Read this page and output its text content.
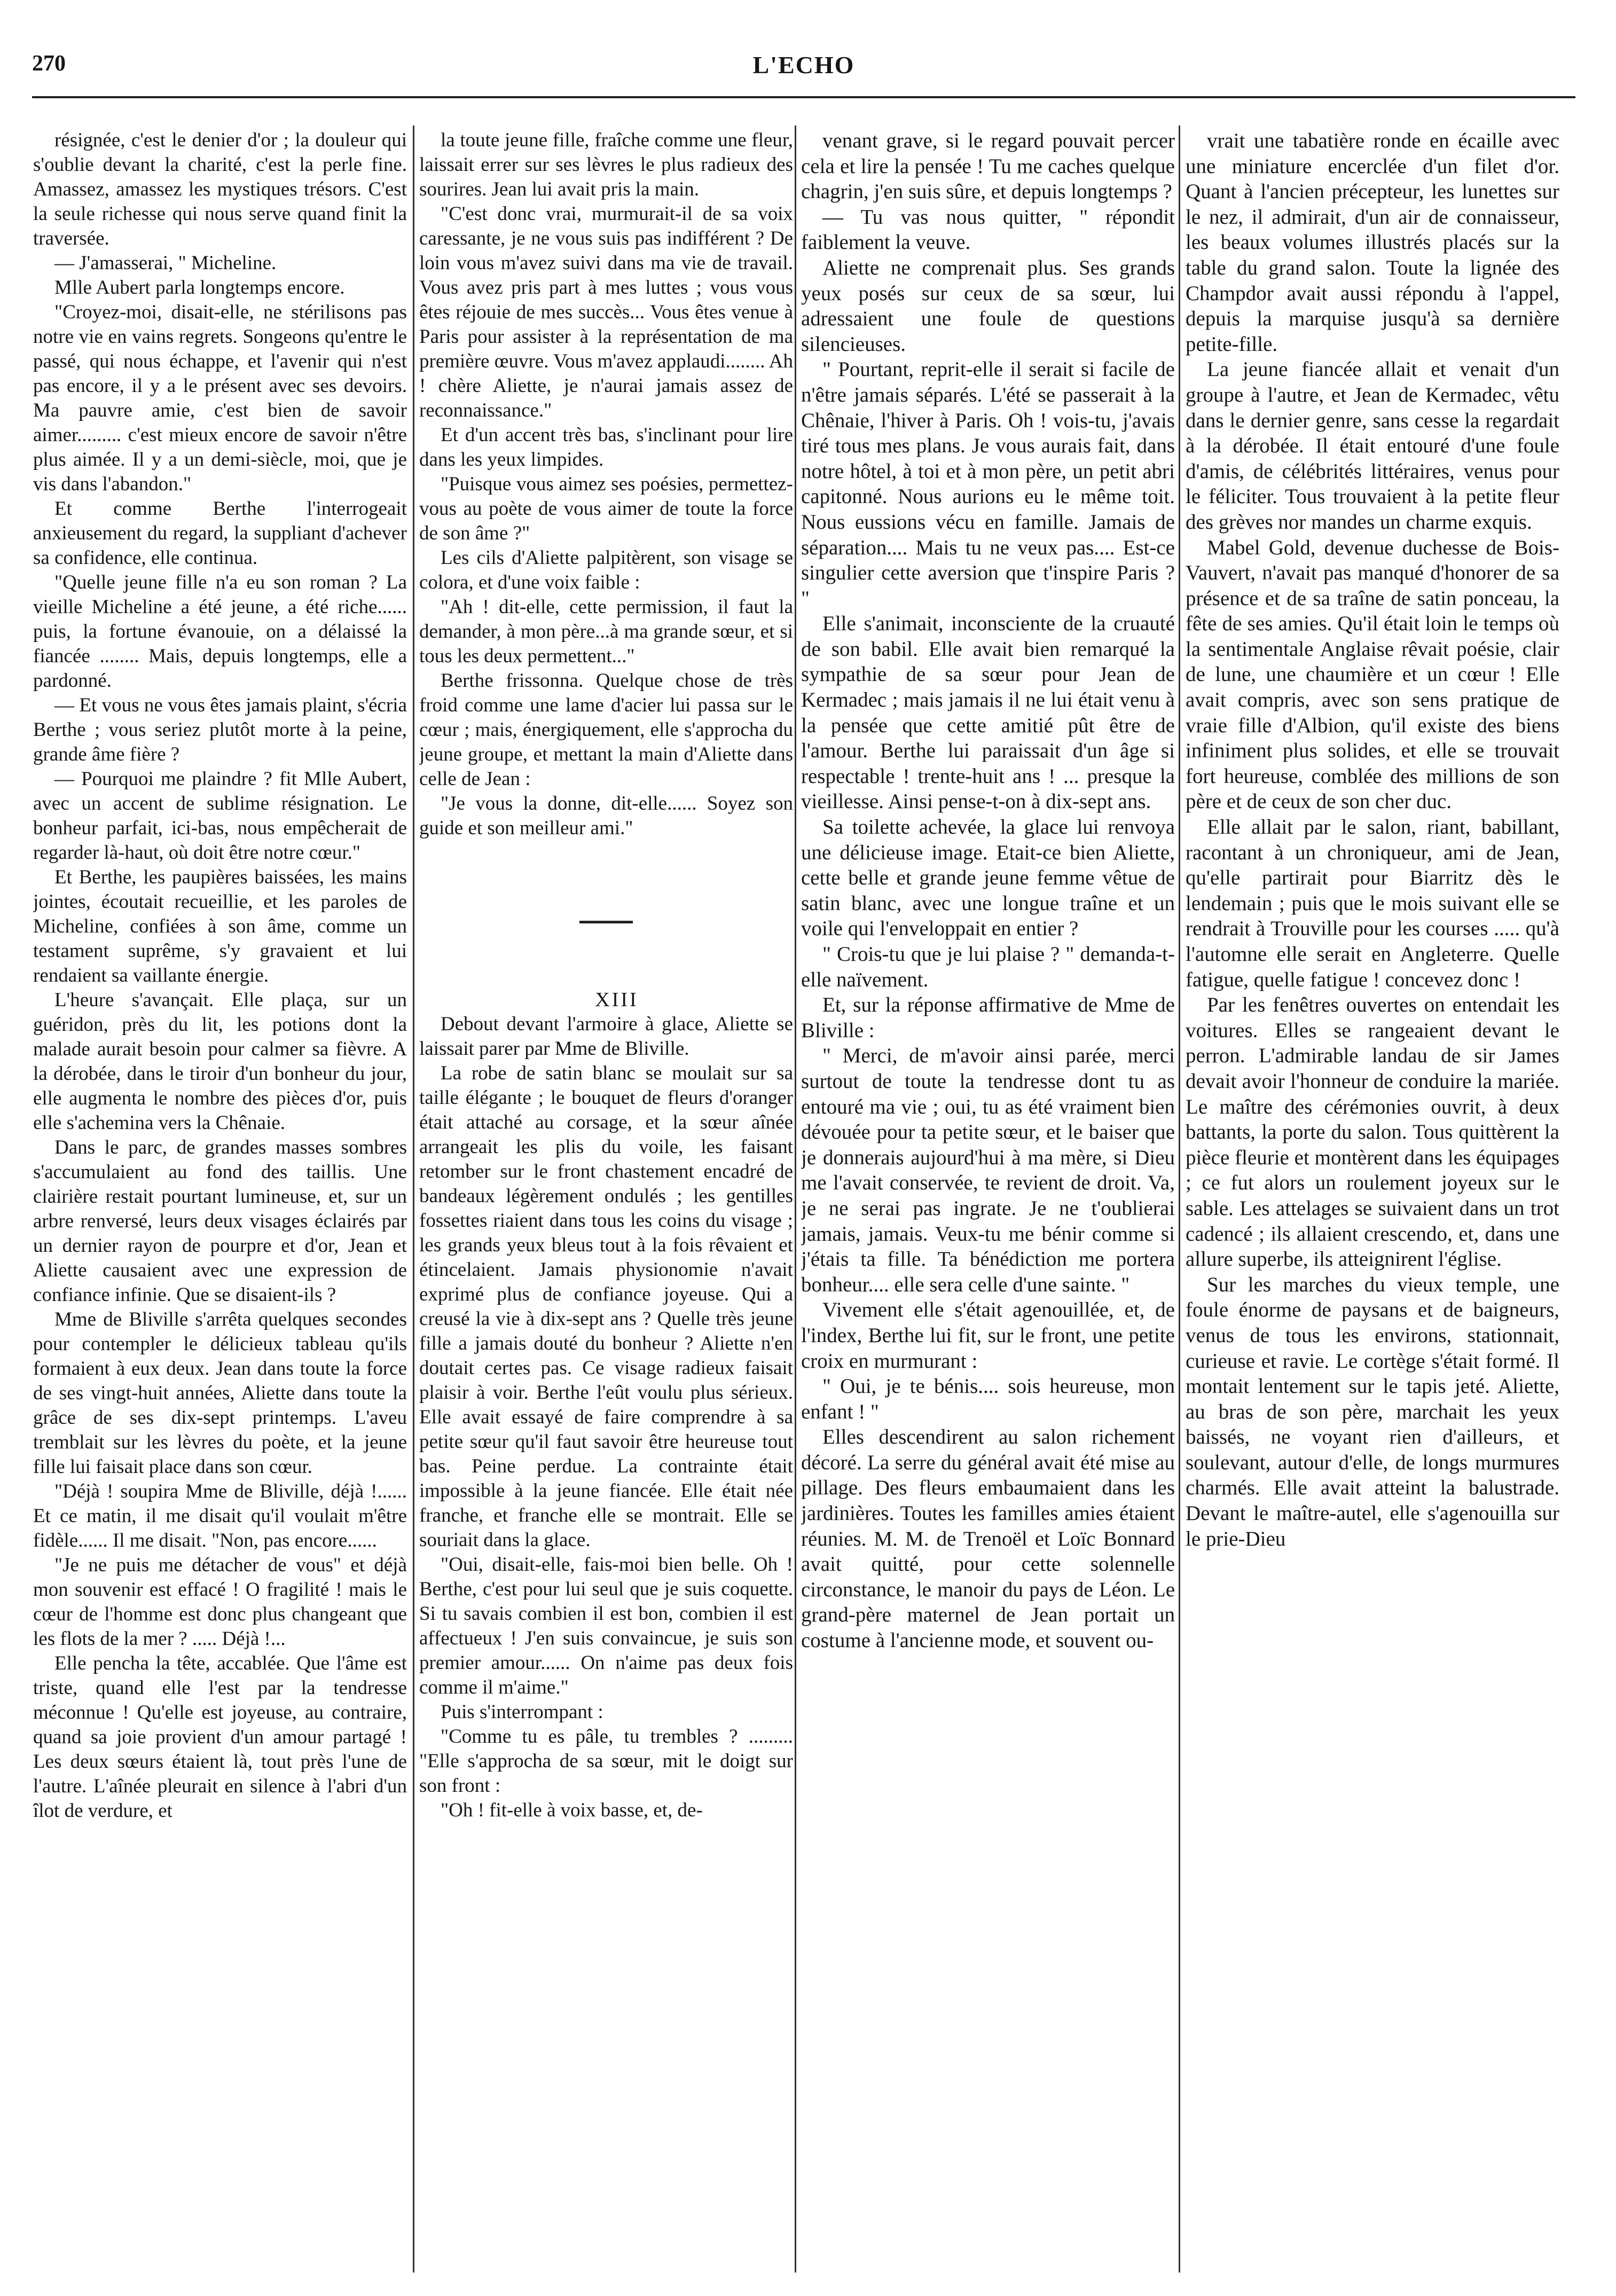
270	L'ECHO

résignée, c'est le denier d'or ; la douleur qui s'oublie devant la charité, c'est la perle fine. Amassez, amassez les mystiques trésors. C'est la seule richesse qui nous serve quand finit la traversée.

— J'amasserai, " Micheline.

Mlle Aubert parla longtemps encore.

"Croyez-moi, disait-elle, ne stérilisons pas notre vie en vains regrets. Songeons qu'entre le passé, qui nous échappe, et l'avenir qui n'est pas encore, il y a le présent avec ses devoirs. Ma pauvre amie, c'est bien de savoir aimer......... c'est mieux encore de savoir n'être plus aimée. Il y a un demi-siècle, moi, que je vis dans l'abandon."

Et comme Berthe l'interrogeait anxieusement du regard, la suppliant d'achever sa confidence, elle continua.

"Quelle jeune fille n'a eu son roman ? La vieille Micheline a été jeune, a été riche...... puis, la fortune évanouie, on a délaissé la fiancée ........ Mais, depuis longtemps, elle a pardonné.

— Et vous ne vous êtes jamais plaint, s'écria Berthe ; vous seriez plutôt morte à la peine, grande âme fière ?

— Pourquoi me plaindre ? fit Mlle Aubert, avec un accent de sublime résignation. Le bonheur parfait, ici-bas, nous empêcherait de regarder là-haut, où doit être notre cœur."

Et Berthe, les paupières baissées, les mains jointes, écoutait recueillie, et les paroles de Micheline, confiées à son âme, comme un testament suprême, s'y gravaient et lui rendaient sa vaillante énergie.

L'heure s'avançait. Elle plaça, sur un guéridon, près du lit, les potions dont la malade aurait besoin pour calmer sa fièvre. A la dérobée, dans le tiroir d'un bonheur du jour, elle augmenta le nombre des pièces d'or, puis elle s'achemina vers la Chênaie.

Dans le parc, de grandes masses sombres s'accumulaient au fond des taillis. Une clairière restait pourtant lumineuse, et, sur un arbre renversé, leurs deux visages éclairés par un dernier rayon de pourpre et d'or, Jean et Aliette causaient avec une expression de confiance infinie. Que se disaient-ils ?

Mme de Bliville s'arrêta quelques secondes pour contempler le délicieux tableau qu'ils formaient à eux deux. Jean dans toute la force de ses vingt-huit années, Aliette dans toute la grâce de ses dix-sept printemps. L'aveu tremblait sur les lèvres du poète, et la jeune fille lui faisait place dans son cœur.

"Déjà ! soupira Mme de Bliville, déjà !...... Et ce matin, il me disait qu'il voulait m'être fidèle...... Il me disait. "Non, pas encore......

"Je ne puis me détacher de vous" et déjà mon souvenir est effacé ! O fragilité ! mais le cœur de l'homme est donc plus changeant que les flots de la mer ? ..... Déjà !...

Elle pencha la tête, accablée. Que l'âme est triste, quand elle l'est par la tendresse méconnue ! Qu'elle est joyeuse, au contraire, quand sa joie provient d'un amour partagé ! Les deux sœurs étaient là, tout près l'une de l'autre. L'aînée pleurait en silence à l'abri d'un îlot de verdure, et

la toute jeune fille, fraîche comme une fleur, laissait errer sur ses lèvres le plus radieux des sourires. Jean lui avait pris la main.

"C'est donc vrai, murmurait-il de sa voix caressante, je ne vous suis pas indifférent ? De loin vous m'avez suivi dans ma vie de travail. Vous avez pris part à mes luttes ; vous vous êtes réjouie de mes succès... Vous êtes venue à Paris pour assister à la représentation de ma première œuvre. Vous m'avez applaudi........ Ah ! chère Aliette, je n'aurai jamais assez de reconnaissance."

Et d'un accent très bas, s'inclinant pour lire dans les yeux limpides.

"Puisque vous aimez ses poésies, permettez-vous au poète de vous aimer de toute la force de son âme ?"

Les cils d'Aliette palpitèrent, son visage se colora, et d'une voix faible :

"Ah ! dit-elle, cette permission, il faut la demander, à mon père...à ma grande sœur, et si tous les deux permettent..."

Berthe frissonna. Quelque chose de très froid comme une lame d'acier lui passa sur le cœur ; mais, énergiquement, elle s'approcha du jeune groupe, et mettant la main d'Aliette dans celle de Jean :

"Je vous la donne, dit-elle...... Soyez son guide et son meilleur ami."

XIII

Debout devant l'armoire à glace, Aliette se laissait parer par Mme de Bliville.

La robe de satin blanc se moulait sur sa taille élégante ; le bouquet de fleurs d'oranger était attaché au corsage, et la sœur aînée arrangeait les plis du voile, les faisant retomber sur le front chastement encadré de bandeaux légèrement ondulés ; les gentilles fossettes riaient dans tous les coins du visage ; les grands yeux bleus tout à la fois rêvaient et étincelaient. Jamais physionomie n'avait exprimé plus de confiance joyeuse. Qui a creusé la vie à dix-sept ans ? Quelle très jeune fille a jamais douté du bonheur ? Aliette n'en doutait certes pas. Ce visage radieux faisait plaisir à voir. Berthe l'eût voulu plus sérieux. Elle avait essayé de faire comprendre à sa petite sœur qu'il faut savoir être heureuse tout bas. Peine perdue. La contrainte était impossible à la jeune fiancée. Elle était née franche, et franche elle se montrait. Elle se souriait dans la glace.

"Oui, disait-elle, fais-moi bien belle. Oh ! Berthe, c'est pour lui seul que je suis coquette. Si tu savais combien il est bon, combien il est affectueux ! J'en suis convaincue, je suis son premier amour...... On n'aime pas deux fois comme il m'aime."

Puis s'interrompant :

"Comme tu es pâle, tu trembles ? ......... "Elle s'approcha de sa sœur, mit le doigt sur son front :

"Oh ! fit-elle à voix basse, et, de-

venant grave, si le regard pouvait percer cela et lire la pensée ! Tu me caches quelque chagrin, j'en suis sûre, et depuis longtemps ?

— Tu vas nous quitter, " répondit faiblement la veuve.

Aliette ne comprenait plus. Ses grands yeux posés sur ceux de sa sœur, lui adressaient une foule de questions silencieuses.

" Pourtant, reprit-elle il serait si facile de n'être jamais séparés. L'été se passerait à la Chênaie, l'hiver à Paris. Oh ! vois-tu, j'avais tiré tous mes plans. Je vous aurais fait, dans notre hôtel, à toi et à mon père, un petit abri capitonné. Nous aurions eu le même toit. Nous eussions vécu en famille. Jamais de séparation.... Mais tu ne veux pas.... Est-ce singulier cette aversion que t'inspire Paris ? "

Elle s'animait, inconsciente de la cruauté de son babil. Elle avait bien remarqué la sympathie de sa sœur pour Jean de Kermadec ; mais jamais il ne lui était venu à la pensée que cette amitié pût être de l'amour. Berthe lui paraissait d'un âge si respectable ! trente-huit ans ! ... presque la vieillesse. Ainsi pense-t-on à dix-sept ans.

Sa toilette achevée, la glace lui renvoya une délicieuse image. Etait-ce bien Aliette, cette belle et grande jeune femme vêtue de satin blanc, avec une longue traîne et un voile qui l'enveloppait en entier ?

" Crois-tu que je lui plaise ? " demanda-t-elle naïvement.

Et, sur la réponse affirmative de Mme de Bliville :

" Merci, de m'avoir ainsi parée, merci surtout de toute la tendresse dont tu as entouré ma vie ; oui, tu as été vraiment bien dévouée pour ta petite sœur, et le baiser que je donnerais aujourd'hui à ma mère, si Dieu me l'avait conservée, te revient de droit. Va, je ne serai pas ingrate. Je ne t'oublierai jamais, jamais. Veux-tu me bénir comme si j'étais ta fille. Ta bénédiction me portera bonheur.... elle sera celle d'une sainte. "

Vivement elle s'était agenouillée, et, de l'index, Berthe lui fit, sur le front, une petite croix en murmurant :

" Oui, je te bénis.... sois heureuse, mon enfant ! "

Elles descendirent au salon richement décoré. La serre du général avait été mise au pillage. Des fleurs embaumaient dans les jardinières. Toutes les familles amies étaient réunies. M. M. de Trenoël et Loïc Bonnard avait quitté, pour cette solennelle circonstance, le manoir du pays de Léon. Le grand-père maternel de Jean portait un costume à l'ancienne mode, et souvent ou-

vrait une tabatière ronde en écaille avec une miniature encerclée d'un filet d'or. Quant à l'ancien précepteur, les lunettes sur le nez, il admirait, d'un air de connaisseur, les beaux volumes illustrés placés sur la table du grand salon. Toute la lignée des Champdor avait aussi répondu à l'appel, depuis la marquise jusqu'à sa dernière petite-fille.

La jeune fiancée allait et venait d'un groupe à l'autre, et Jean de Kermadec, vêtu dans le dernier genre, sans cesse la regardait à la dérobée. Il était entouré d'une foule d'amis, de célébrités littéraires, venus pour le féliciter. Tous trouvaient à la petite fleur des grèves nor mandes un charme exquis.

Mabel Gold, devenue duchesse de Bois-Vauvert, n'avait pas manqué d'honorer de sa présence et de sa traîne de satin ponceau, la fête de ses amies. Qu'il était loin le temps où la sentimentale Anglaise rêvait poésie, clair de lune, une chaumière et un cœur ! Elle avait compris, avec son sens pratique de vraie fille d'Albion, qu'il existe des biens infiniment plus solides, et elle se trouvait fort heureuse, comblée des millions de son père et de ceux de son cher duc.

Elle allait par le salon, riant, babillant, racontant à un chroniqueur, ami de Jean, qu'elle partirait pour Biarritz dès le lendemain ; puis que le mois suivant elle se rendrait à Trouville pour les courses ..... qu'à l'automne elle serait en Angleterre. Quelle fatigue, quelle fatigue ! concevez donc !

Par les fenêtres ouvertes on entendait les voitures. Elles se rangeaient devant le perron. L'admirable landau de sir James devait avoir l'honneur de conduire la mariée. Le maître des cérémonies ouvrit, à deux battants, la porte du salon. Tous quittèrent la pièce fleurie et montèrent dans les équipages ; ce fut alors un roulement joyeux sur le sable. Les attelages se suivaient dans un trot cadencé ; ils allaient crescendo, et, dans une allure superbe, ils atteignirent l'église.

Sur les marches du vieux temple, une foule énorme de paysans et de baigneurs, venus de tous les environs, stationnait, curieuse et ravie. Le cortège s'était formé. Il montait lentement sur le tapis jeté. Aliette, au bras de son père, marchait les yeux baissés, ne voyant rien d'ailleurs, et soulevant, autour d'elle, de longs murmures charmés. Elle avait atteint la balustrade. Devant le maître-autel, elle s'agenouilla sur le prie-Dieu
